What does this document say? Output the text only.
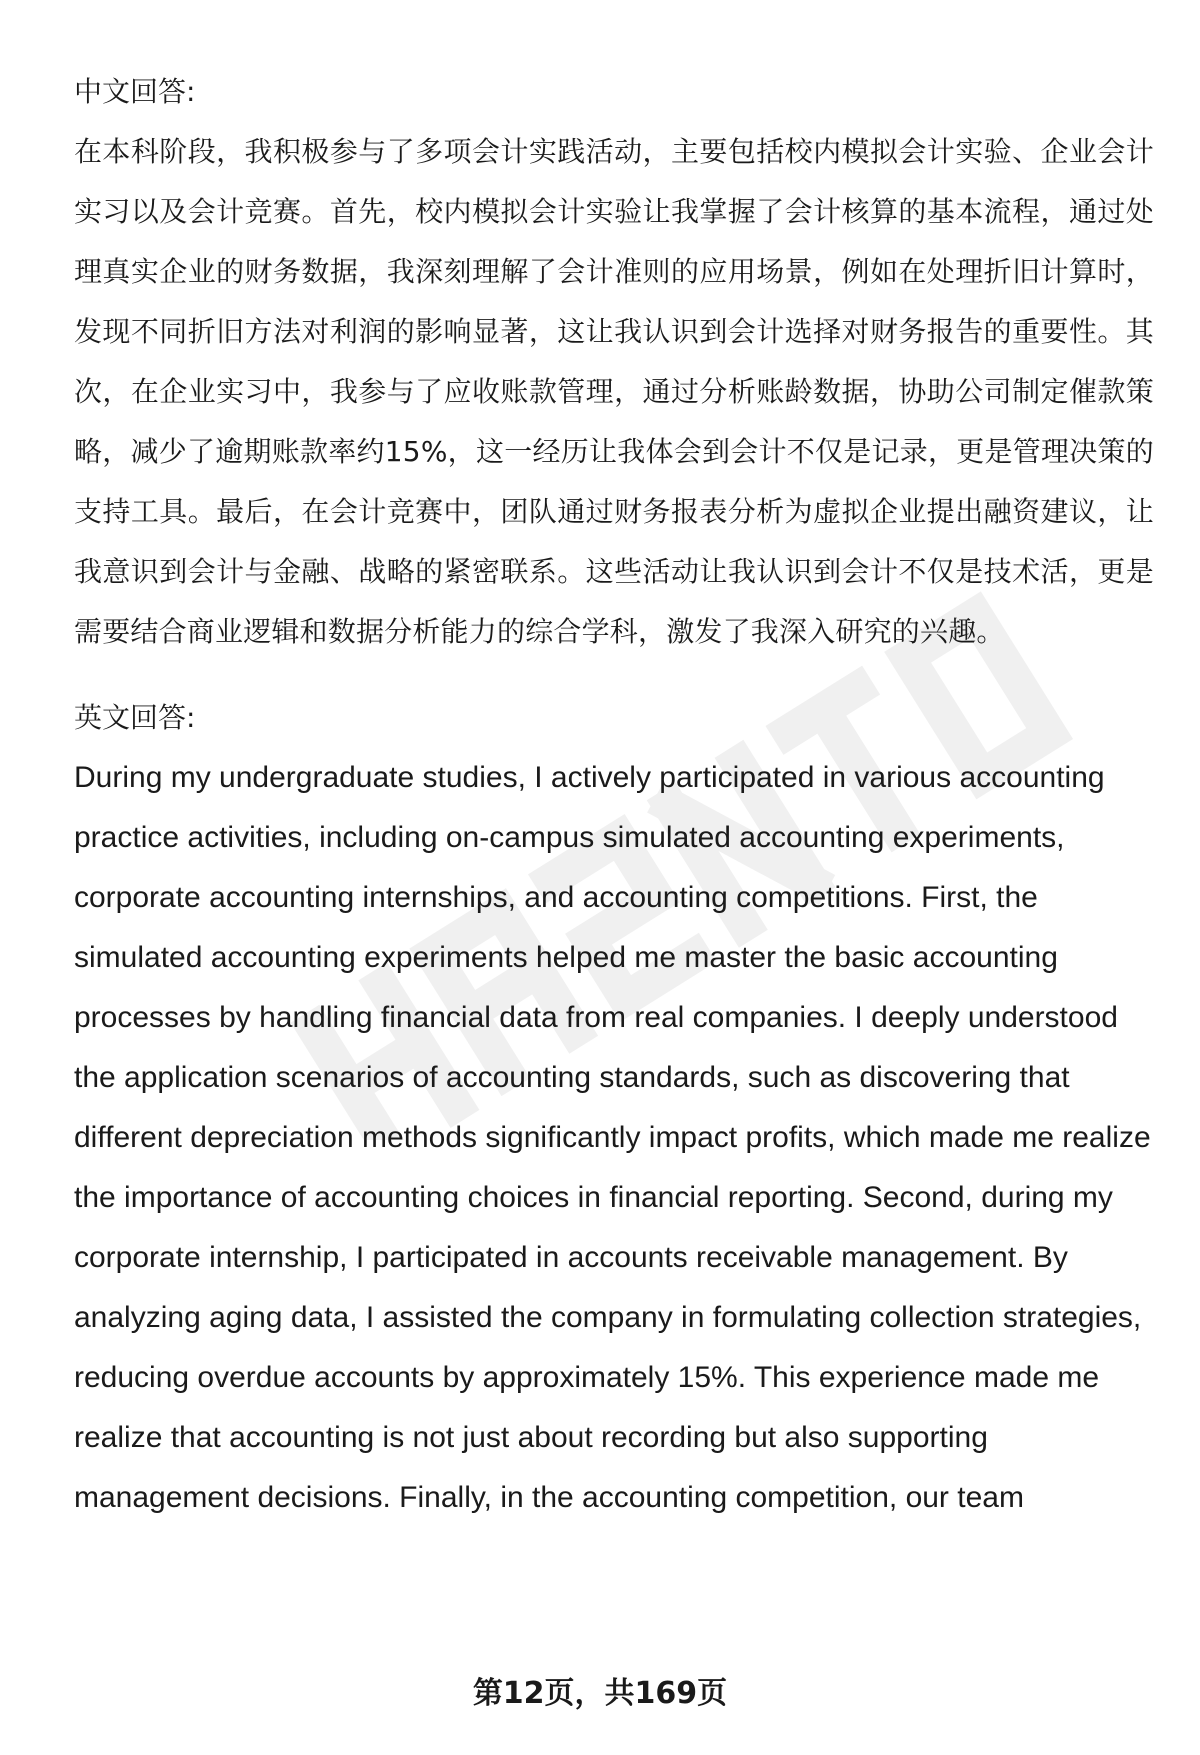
中文回答:

在本科阶段，我积极参与了多项会计实践活动，主要包括校内模拟会计实验、企业会计实习以及会计竞赛。首先，校内模拟会计实验让我掌握了会计核算的基本流程，通过处理真实企业的财务数据，我深刻理解了会计准则的应用场景，例如在处理折旧计算时，发现不同折旧方法对利润的影响显著，这让我认识到会计选择对财务报告的重要性。其次，在企业实习中，我参与了应收账款管理，通过分析账龄数据，协助公司制定催款策略，减少了逾期账款率约15%，这一经历让我体会到会计不仅是记录，更是管理决策的支持工具。最后，在会计竞赛中，团队通过财务报表分析为虚拟企业提出融资建议，让我意识到会计与金融、战略的紧密联系。这些活动让我认识到会计不仅是技术活，更是需要结合商业逻辑和数据分析能力的综合学科，激发了我深入研究的兴趣。

英文回答:

During my undergraduate studies, I actively participated in various accounting practice activities, including on-campus simulated accounting experiments, corporate accounting internships, and accounting competitions. First, the simulated accounting experiments helped me master the basic accounting processes by handling financial data from real companies. I deeply understood the application scenarios of accounting standards, such as discovering that different depreciation methods significantly impact profits, which made me realize the importance of accounting choices in financial reporting. Second, during my corporate internship, I participated in accounts receivable management. By analyzing aging data, I assisted the company in formulating collection strategies, reducing overdue accounts by approximately 15%. This experience made me realize that accounting is not just about recording but also supporting management decisions. Finally, in the accounting competition, our team

第12页，共169页
